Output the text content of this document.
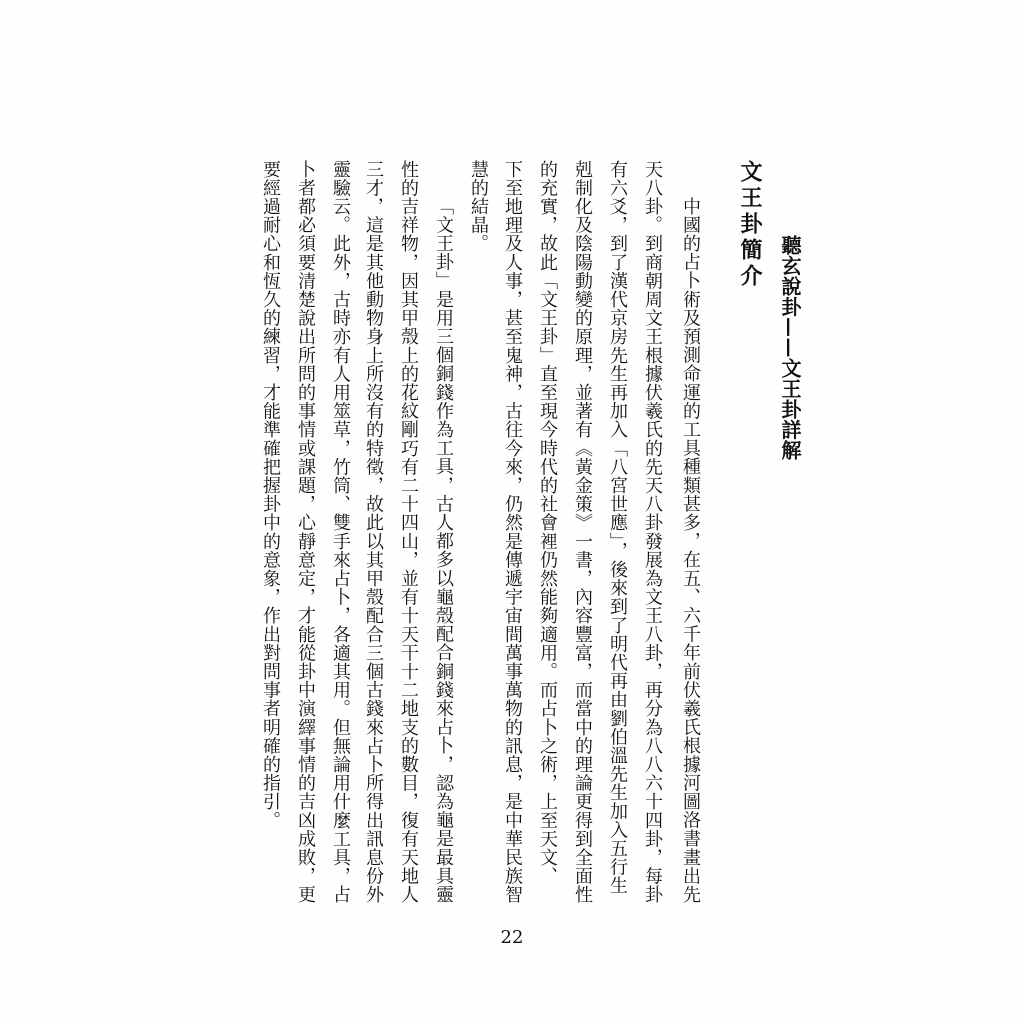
聽玄說卦——文王卦詳解
文王卦簡介
中國的占卜術及預測命運的工具種類甚多，在五、六千年前伏羲氏根據河圖洛書畫出先
天八卦。到商朝周文王根據伏羲氏的先天八卦發展為文王八卦，再分為八八六十四卦，每卦
有六爻，到了漢代京房先生再加入「八宮世應」，後來到了明代再由劉伯溫先生加入五行生
剋制化及陰陽動變的原理，並著有《黃金策》一書，內容豐富，而當中的理論更得到全面性
的充實，故此「文王卦」直至現今時代的社會裡仍然能夠適用。而占卜之術，上至天文、
下至地理及人事，甚至鬼神，古往今來，仍然是傳遞宇宙間萬事萬物的訊息，是中華民族智
慧的結晶。
「文王卦」是用三個銅錢作為工具，古人都多以龜殼配合銅錢來占卜，認為龜是最具靈
性的吉祥物，因其甲殼上的花紋剛巧有二十四山，並有十天干十二地支的數目，復有天地人
三才，這是其他動物身上所沒有的特徵，故此以其甲殼配合三個古錢來占卜所得出訊息份外
靈驗云。此外，古時亦有人用筮草，竹筒、雙手來占卜，各適其用。但無論用什麼工具，占
卜者都必須要清楚說出所問的事情或課題，心靜意定，才能從卦中演繹事情的吉凶成敗，更
要經過耐心和恆久的練習，才能準確把握卦中的意象，作出對問事者明確的指引。
22
